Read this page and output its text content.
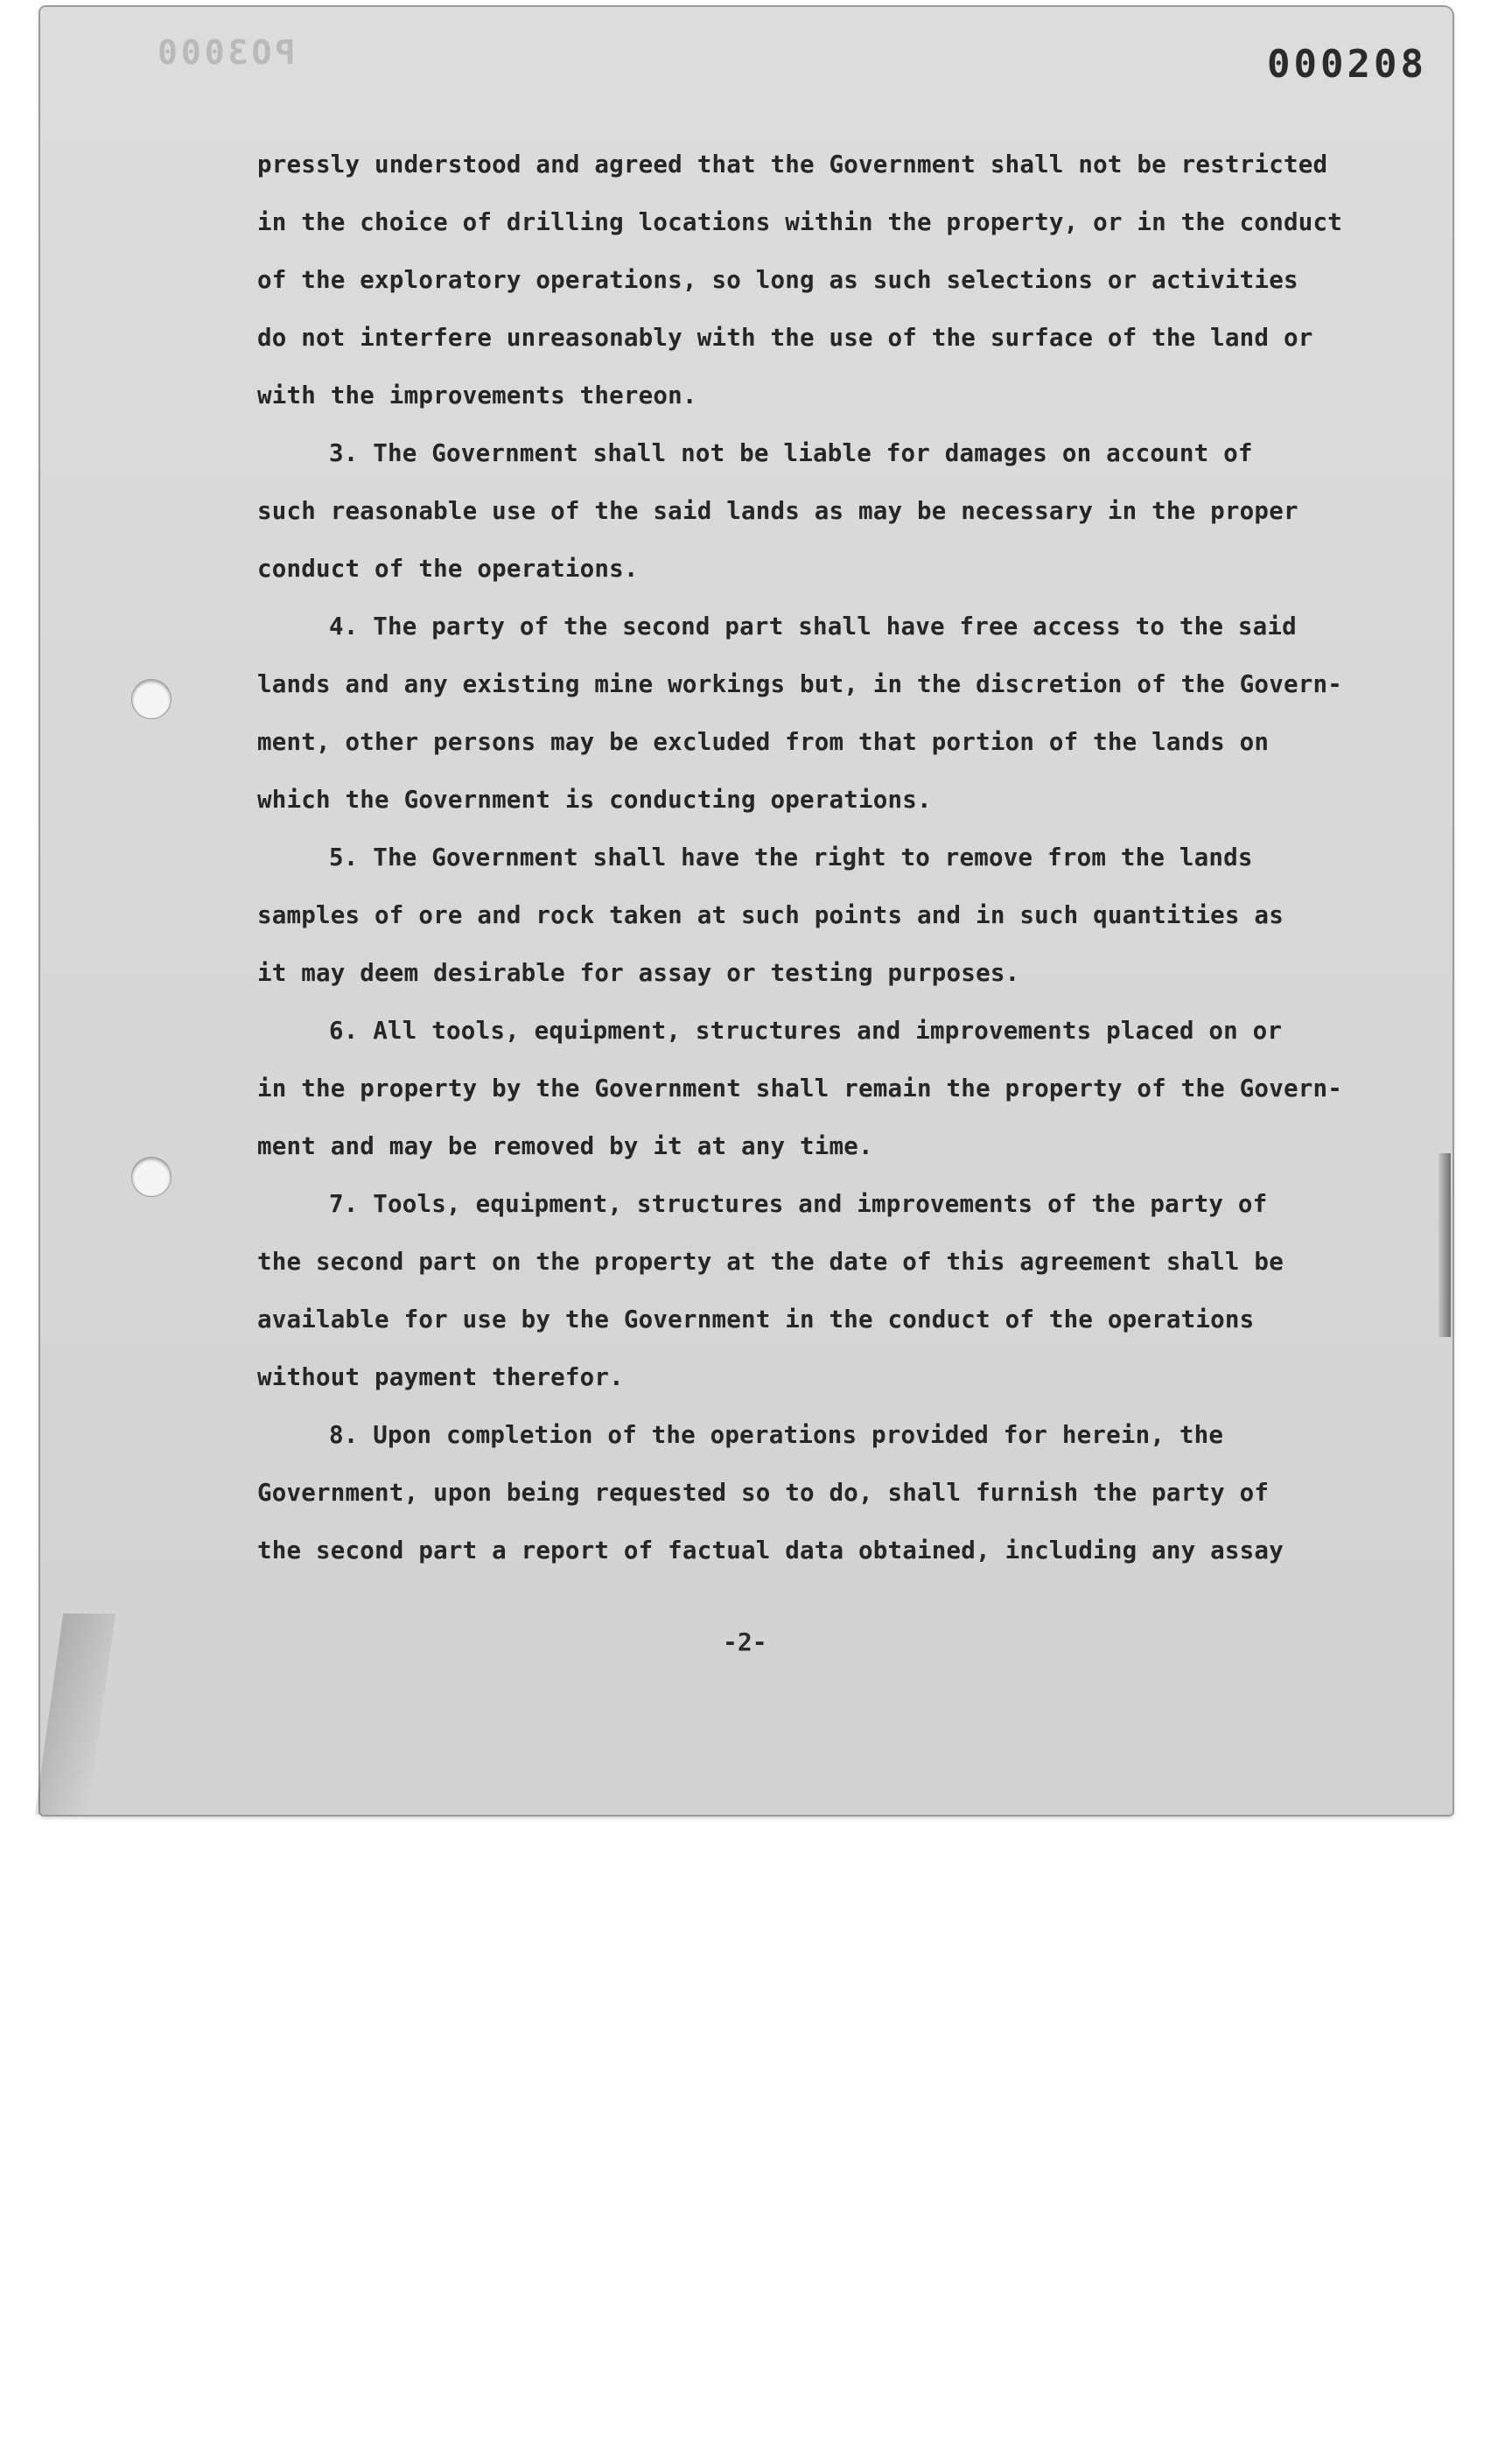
PO3000	000208
pressly understood and agreed that the Government shall not be restricted
in the choice of drilling locations within the property, or in the conduct
of the exploratory operations, so long as such selections or activities
do not interfere unreasonably with the use of the surface of the land or
with the improvements thereon.
3. The Government shall not be liable for damages on account of
such reasonable use of the said lands as may be necessary in the proper
conduct of the operations.
4. The party of the second part shall have free access to the said
lands and any existing mine workings but, in the discretion of the Govern-
ment, other persons may be excluded from that portion of the lands on
which the Government is conducting operations.
5. The Government shall have the right to remove from the lands
samples of ore and rock taken at such points and in such quantities as
it may deem desirable for assay or testing purposes.
6. All tools, equipment, structures and improvements placed on or
in the property by the Government shall remain the property of the Govern-
ment and may be removed by it at any time.
7. Tools, equipment, structures and improvements of the party of
the second part on the property at the date of this agreement shall be
available for use by the Government in the conduct of the operations
without payment therefor.
8. Upon completion of the operations provided for herein, the
Government, upon being requested so to do, shall furnish the party of
the second part a report of factual data obtained, including any assay
-2-
